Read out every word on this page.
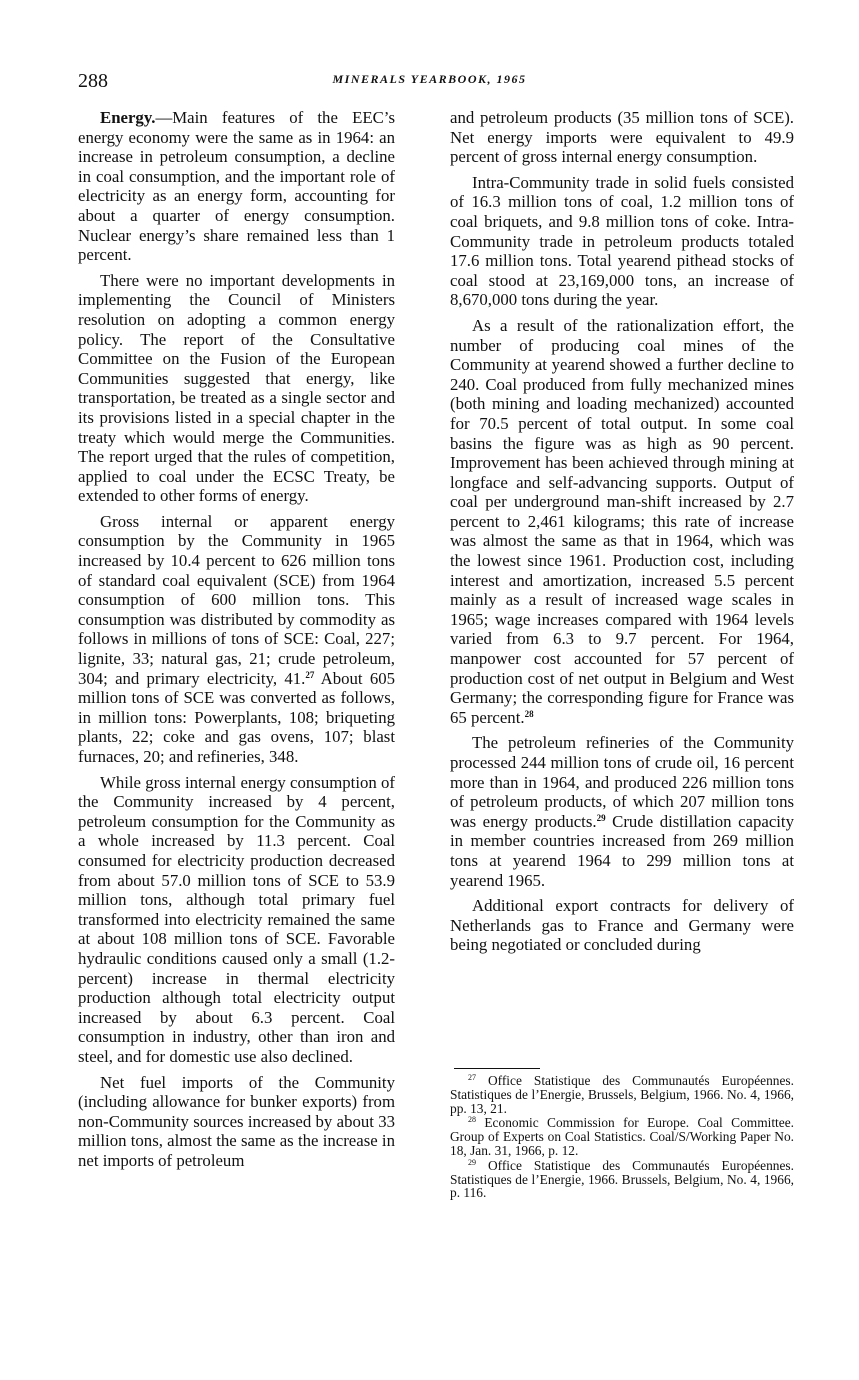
288	MINERALS YEARBOOK, 1965

Energy.—Main features of the EEC’s energy economy were the same as in 1964: an increase in petroleum consumption, a decline in coal consumption, and the important role of electricity as an energy form, accounting for about a quarter of energy consumption. Nuclear energy’s share remained less than 1 percent.

There were no important developments in implementing the Council of Ministers resolution on adopting a common energy policy. The report of the Consultative Committee on the Fusion of the European Communities suggested that energy, like transportation, be treated as a single sector and its provisions listed in a special chapter in the treaty which would merge the Communities. The report urged that the rules of competition, applied to coal under the ECSC Treaty, be extended to other forms of energy.

Gross internal or apparent energy consumption by the Community in 1965 increased by 10.4 percent to 626 million tons of standard coal equivalent (SCE) from 1964 consumption of 600 million tons. This consumption was distributed by commodity as follows in millions of tons of SCE: Coal, 227; lignite, 33; natural gas, 21; crude petroleum, 304; and primary electricity, 41.27 About 605 million tons of SCE was converted as follows, in million tons: Powerplants, 108; briqueting plants, 22; coke and gas ovens, 107; blast furnaces, 20; and refineries, 348.

While gross internal energy consumption of the Community increased by 4 percent, petroleum consumption for the Community as a whole increased by 11.3 percent. Coal consumed for electricity production decreased from about 57.0 million tons of SCE to 53.9 million tons, although total primary fuel transformed into electricity remained the same at about 108 million tons of SCE. Favorable hydraulic conditions caused only a small (1.2-percent) increase in thermal electricity production although total electricity output increased by about 6.3 percent. Coal consumption in industry, other than iron and steel, and for domestic use also declined.

Net fuel imports of the Community (including allowance for bunker exports) from non-Community sources increased by about 33 million tons, almost the same as the increase in net imports of petroleum

and petroleum products (35 million tons of SCE). Net energy imports were equivalent to 49.9 percent of gross internal energy consumption.

Intra-Community trade in solid fuels consisted of 16.3 million tons of coal, 1.2 million tons of coal briquets, and 9.8 million tons of coke. Intra-Community trade in petroleum products totaled 17.6 million tons. Total yearend pithead stocks of coal stood at 23,169,000 tons, an increase of 8,670,000 tons during the year.

As a result of the rationalization effort, the number of producing coal mines of the Community at yearend showed a further decline to 240. Coal produced from fully mechanized mines (both mining and loading mechanized) accounted for 70.5 percent of total output. In some coal basins the figure was as high as 90 percent. Improvement has been achieved through mining at longface and self-advancing supports. Output of coal per underground man-shift increased by 2.7 percent to 2,461 kilograms; this rate of increase was almost the same as that in 1964, which was the lowest since 1961. Production cost, including interest and amortization, increased 5.5 percent mainly as a result of increased wage scales in 1965; wage increases compared with 1964 levels varied from 6.3 to 9.7 percent. For 1964, manpower cost accounted for 57 percent of production cost of net output in Belgium and West Germany; the corresponding figure for France was 65 percent.$^{28}$

The petroleum refineries of the Community processed 244 million tons of crude oil, 16 percent more than in 1964, and produced 226 million tons of petroleum products, of which 207 million tons was energy products.$^{29}$ Crude distillation capacity in member countries increased from 269 million tons at yearend 1964 to 299 million tons at yearend 1965.

Additional export contracts for delivery of Netherlands gas to France and Germany were being negotiated or concluded during

$^{27}$ Office Statistique des Communautés Européennes. Statistiques de l’Energie, Brussels, Belgium, 1966. No. 4, 1966, pp. 13, 21.
$^{28}$ Economic Commission for Europe. Coal Committee. Group of Experts on Coal Statistics. Coal/S/Working Paper No. 18, Jan. 31, 1966, p. 12.
$^{29}$ Office Statistique des Communautés Européennes. Statistiques de l’Energie, 1966. Brussels, Belgium, No. 4, 1966, p. 116.
